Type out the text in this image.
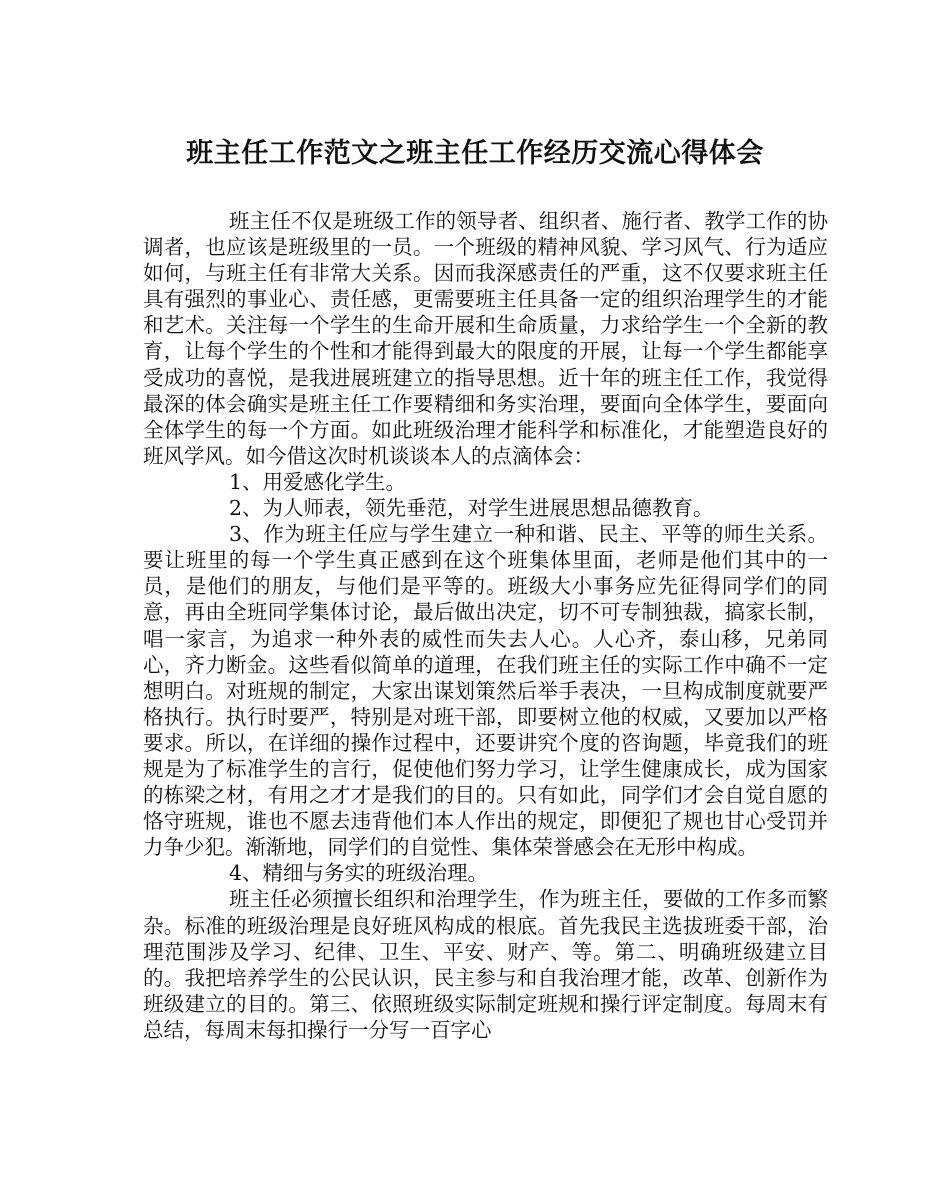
班主任工作范文之班主任工作经历交流心得体会

班主任不仅是班级工作的领导者、组织者、施行者、教学工作的协调者，也应该是班级里的一员。一个班级的精神风貌、学习风气、行为适应如何，与班主任有非常大关系。因而我深感责任的严重，这不仅要求班主任具有强烈的事业心、责任感，更需要班主任具备一定的组织治理学生的才能和艺术。关注每一个学生的生命开展和生命质量，力求给学生一个全新的教育，让每个学生的个性和才能得到最大的限度的开展，让每一个学生都能享受成功的喜悦，是我进展班建立的指导思想。近十年的班主任工作，我觉得最深的体会确实是班主任工作要精细和务实治理，要面向全体学生，要面向全体学生的每一个方面。如此班级治理才能科学和标准化，才能塑造良好的班风学风。如今借这次时机谈谈本人的点滴体会：

1、用爱感化学生。

2、为人师表，领先垂范，对学生进展思想品德教育。

3、作为班主任应与学生建立一种和谐、民主、平等的师生关系。要让班里的每一个学生真正感到在这个班集体里面，老师是他们其中的一员，是他们的朋友，与他们是平等的。班级大小事务应先征得同学们的同意，再由全班同学集体讨论，最后做出决定，切不可专制独裁，搞家长制，唱一家言，为追求一种外表的威性而失去人心。人心齐，泰山移，兄弟同心，齐力断金。这些看似简单的道理，在我们班主任的实际工作中确不一定想明白。对班规的制定，大家出谋划策然后举手表决，一旦构成制度就要严格执行。执行时要严，特别是对班干部，即要树立他的权威，又要加以严格要求。所以，在详细的操作过程中，还要讲究个度的咨询题，毕竟我们的班规是为了标准学生的言行，促使他们努力学习，让学生健康成长，成为国家的栋梁之材，有用之才才是我们的目的。只有如此，同学们才会自觉自愿的恪守班规，谁也不愿去违背他们本人作出的规定，即便犯了规也甘心受罚并力争少犯。渐渐地，同学们的自觉性、集体荣誉感会在无形中构成。

4、精细与务实的班级治理。

班主任必须擅长组织和治理学生，作为班主任，要做的工作多而繁杂。标准的班级治理是良好班风构成的根底。首先我民主选拔班委干部，治理范围涉及学习、纪律、卫生、平安、财产、等。第二、明确班级建立目的。我把培养学生的公民认识，民主参与和自我治理才能，改革、创新作为班级建立的目的。第三、依照班级实际制定班规和操行评定制度。每周末有总结，每周末每扣操行一分写一百字心
